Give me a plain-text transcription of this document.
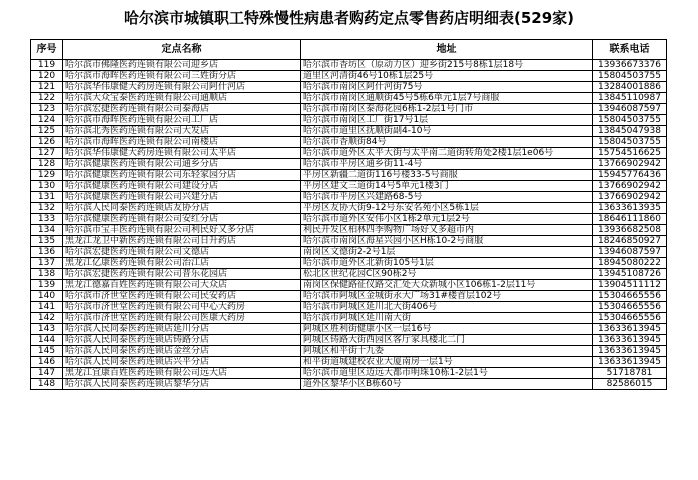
哈尔滨市城镇职工特殊慢性病患者购药定点零售药店明细表(529家)
序号	定点名称	地址	联系电话
119	哈尔滨市佛隆医药连锁有限公司迎乡店	哈尔滨市香坊区（原动力区）迎乡街215号8栋1层18号	13936673376
120	哈尔滨市海晖医药连锁有限公司三姓街分店	道里区河清街46号10栋1层25号	15804503755
121	哈尔滨华伟康健大药房连锁有限公司阿什河店	哈尔滨市南岗区阿什河街75号	13284001886
122	哈尔滨大众宝泰医药连锁有限公司通顺店	哈尔滨市南岗区通顺街45号5栋6单元1层7号商服	13845110987
123	哈尔滨宏捷医药连锁有限公司泰海店	哈尔滨市南岗区泰海花园6栋1-2层1号门市	13946087597
124	哈尔滨市海晖医药连锁有限公司工厂店	哈尔滨市南岗区工厂街17号1层	15804503755
125	哈尔滨北秀医药连锁有限公司大发店	哈尔滨市道里区抚顺街副4-10号	13845047938
126	哈尔滨市海晖医药连锁有限公司南楼店	哈尔滨市香顺街84号	15804503755
127	哈尔滨华伟康健大药房连锁有限公司太平店	哈尔滨市道外区太平大街与太平南二道街转角处2楼1层1e06号	15754516625
128	哈尔滨健康医药连锁有限公司通乡分店	哈尔滨市平房区通乡街11-4号	13766902942
129	哈尔滨健康医药连锁有限公司东轻家园分店	平房区新疆二道街116号楼33-5号商服	15945776436
130	哈尔滨健康医药连锁有限公司建设分店	平房区建文三道街14号5单元1楼3门	13766902942
131	哈尔滨健康医药连锁有限公司兴建分店	哈尔滨市平房区兴建路68-5号	13766902942
132	哈尔滨人民同泰医药连锁店友协分店	平房区友协大街9-12号东安名苑小区5栋1层	13633613935
133	哈尔滨健康医药连锁有限公司安红分店	哈尔滨市道外区安伟小区1栋2单元1层2号	18646111860
134	哈尔滨市宝丰医药连锁有限公司利民好又多分店	利民开发区柏林四季购物广场好又多超市内	13936682508
135	黑龙江龙卫中新医药连锁有限公司日升药店	哈尔滨市南岗区海星兴园小区H栋10-2号商服	18246850927
136	哈尔滨宏捷医药连锁有限公司文德店	南岗区文德街2-2号1层	13946087597
137	黑龙江亿康医药连锁有限公司治江店	哈尔滨市道外区北新街105号1层	18945080222
138	哈尔滨宏捷医药连锁有限公司普乐花园店	松北区世纪花园C区90栋2号	13945108726
139	黑龙江德嘉百姓医药连锁有限公司大众店	南岗区保健路征仪路交汇处大众新城小区106栋1-2层11号	13904511112
140	哈尔滨市济世堂医药连锁有限公司民安药店	哈尔滨市阿城区金城街永大广场31#楼首层102号	15304665556
141	哈尔滨市济世堂医药连锁有限公司中心大药房	哈尔滨市阿城区延川北大街406号	15304665556
142	哈尔滨市济世堂医药连锁有限公司医康大药房	哈尔滨市阿城区延川南大街	15304665556
143	哈尔滨人民同泰医药连锁店延川分店	阿城区胜利街健康小区一层16号	13633613945
144	哈尔滨人民同泰医药连锁店铸路分店	阿城区铸路大街西园区客厅家具楼北二门	13633613945
145	哈尔滨人民同泰医药连锁店金丝分店	阿城区和平街十九委	13633613945
146	哈尔滨人民同泰医药连锁店兴平分店	和平街道城建校农业大厦南房一层1号	13633613945
147	黑龙江宜康百姓医药连锁有限公司远大店	哈尔滨市道里区迈远大都市明珠10栋1-2层1号	51718781
148	哈尔滨人民同泰医药连锁店黎华分店	道外区黎华小区B栋60号	82586015
